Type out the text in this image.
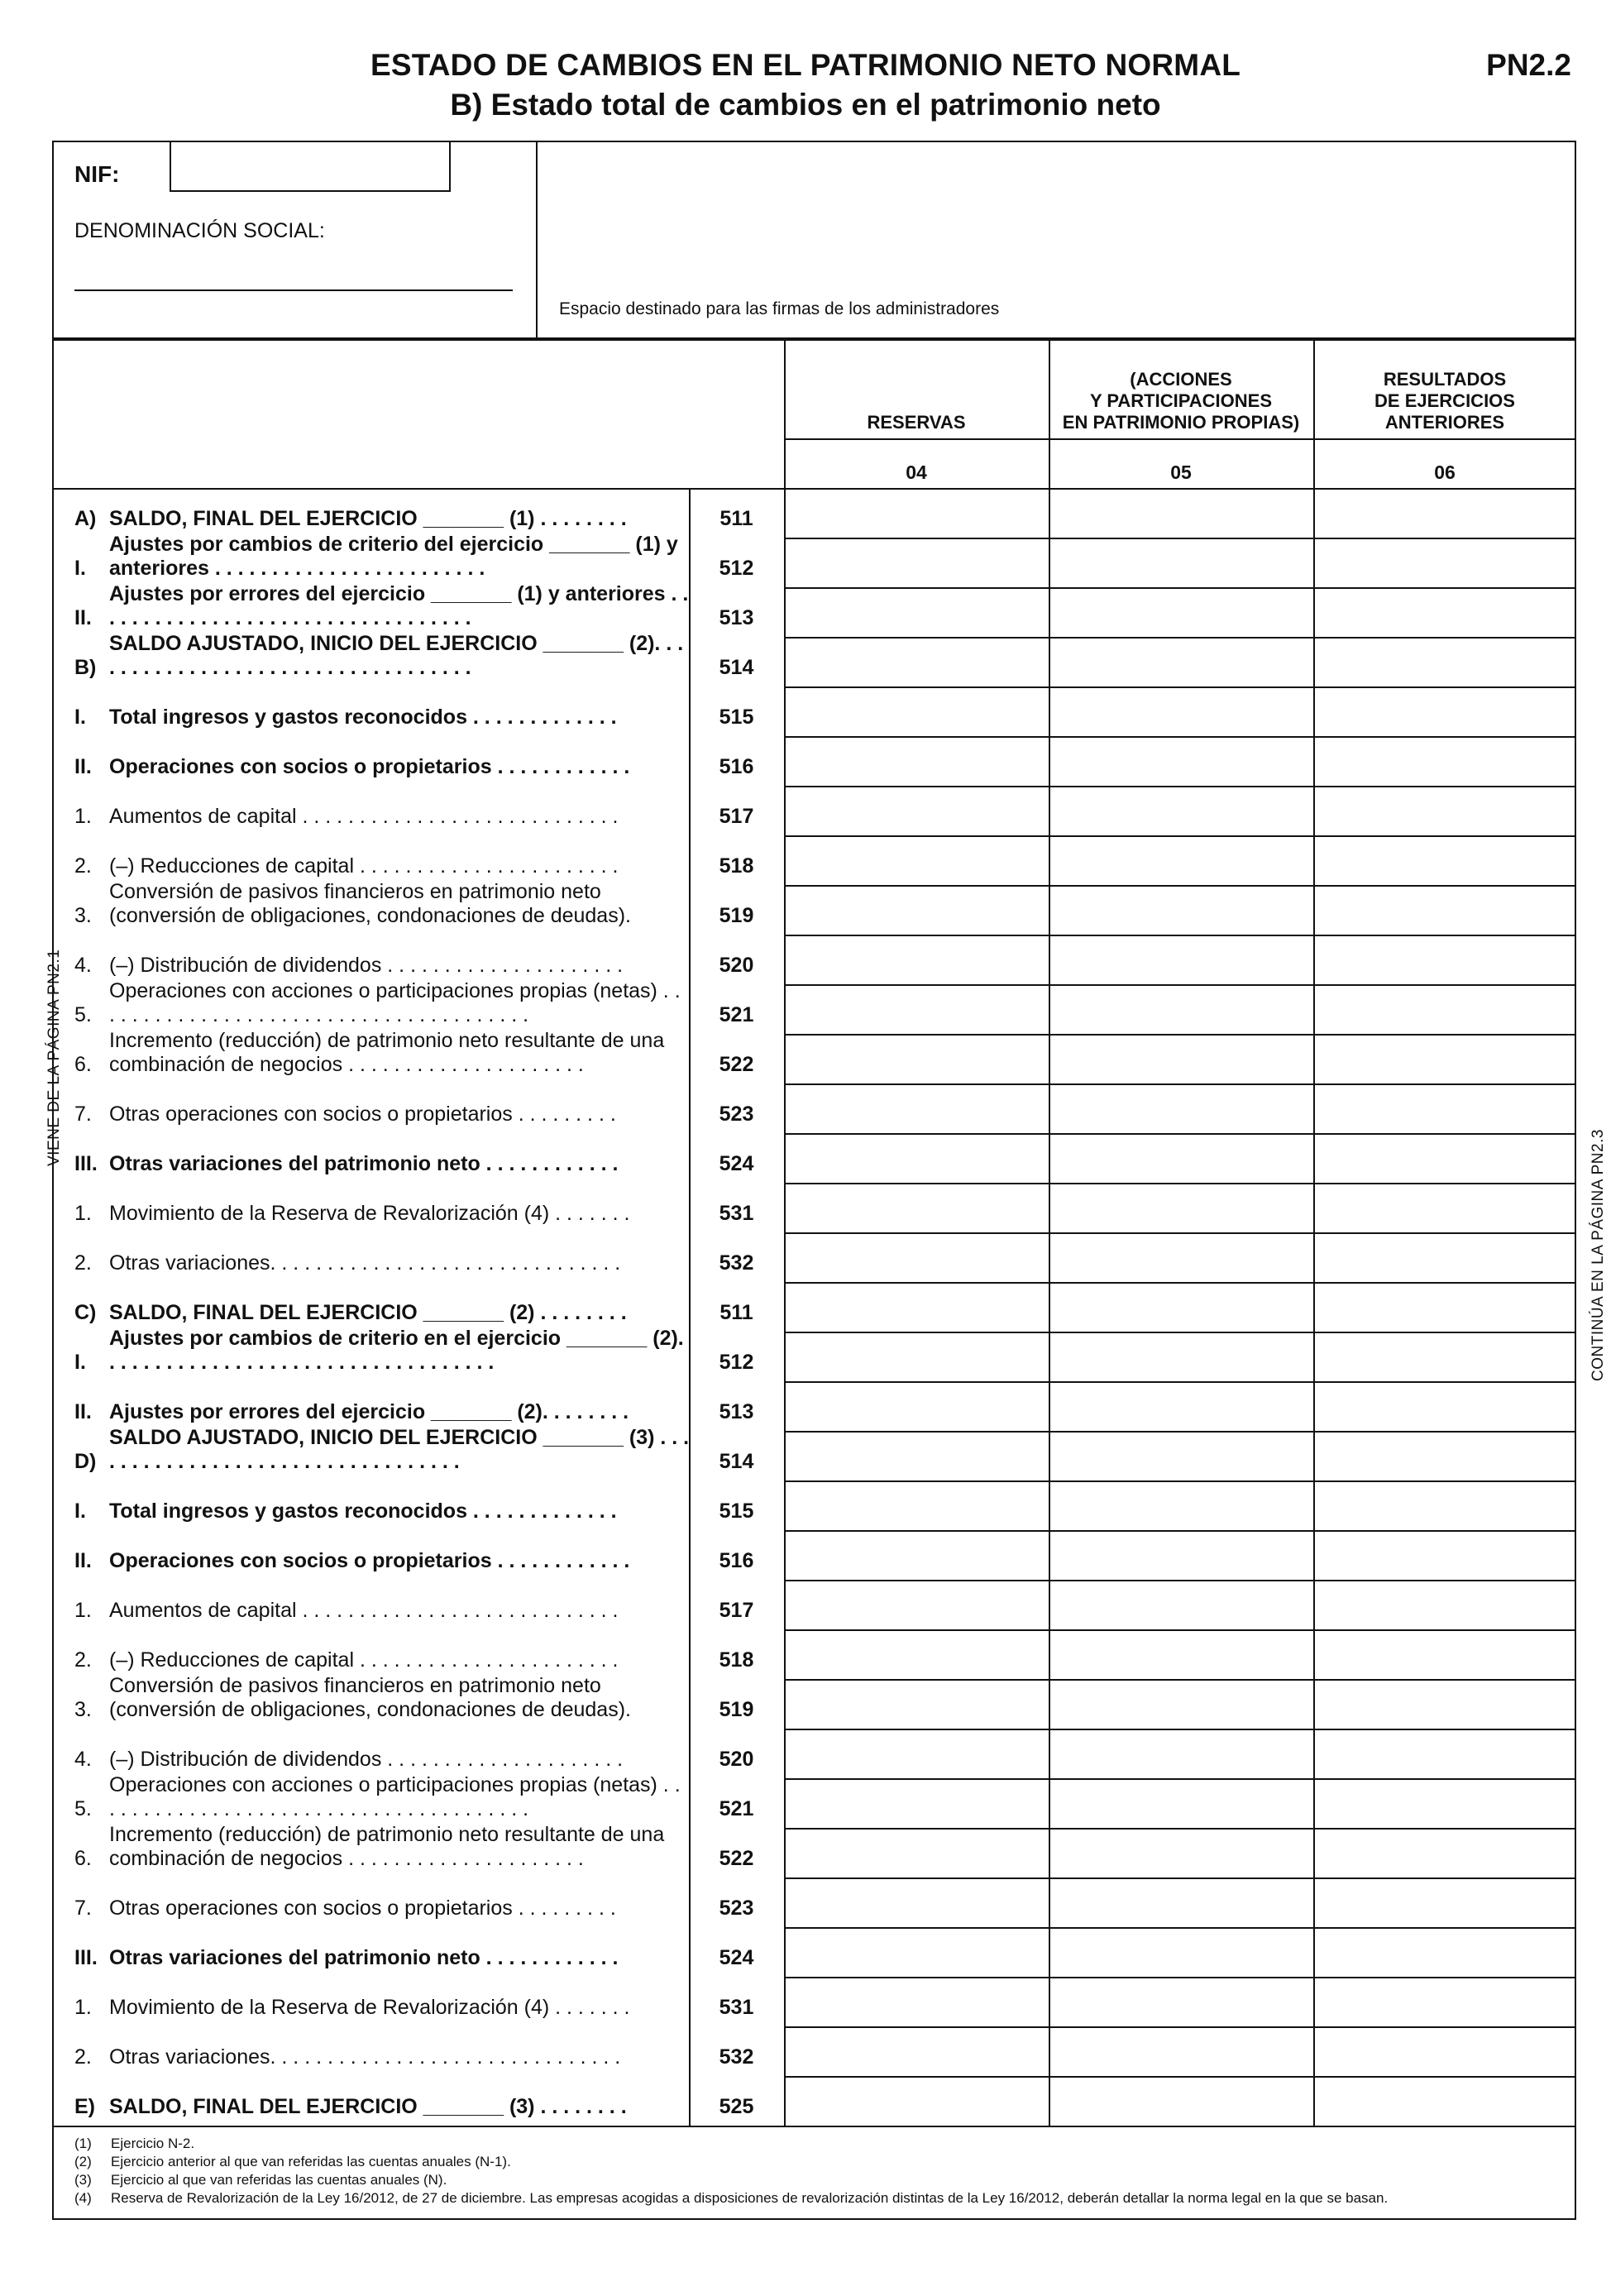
ESTADO DE CAMBIOS EN EL PATRIMONIO NETO NORMAL
B) Estado total de cambios en el patrimonio neto
PN2.2
NIF:
DENOMINACIÓN SOCIAL:
Espacio destinado para las firmas de los administradores
RESERVAS
(ACCIONES
Y PARTICIPACIONES
EN PATRIMONIO PROPIAS)
RESULTADOS
DE EJERCICIOS
ANTERIORES
04	05	06
A) SALDO, FINAL DEL EJERCICIO _______ (1) . . . . . . . .	511
I.
Ajustes por cambios de criterio del ejercicio _______ (1) y anteriores . . . . . . . . . . . . . . . . . . . . . . . .	512
II.
Ajustes por errores del ejercicio _______ (1) y anteriores . . . . . . . . . . . . . . . . . . . . . . . . . . . . . . . . . .	513
B)
SALDO AJUSTADO, INICIO DEL EJERCICIO _______ (2). . . . . . . . . . . . . . . . . . . . . . . . . . . . . . . . . . .	514
I.	Total ingresos y gastos reconocidos . . . . . . . . . . . . .	515
II. Operaciones con socios o propietarios . . . . . . . . . . . .	516
1. Aumentos de capital . . . . . . . . . . . . . . . . . . . . . . . . . . . .	517
2. (–) Reducciones de capital . . . . . . . . . . . . . . . . . . . . . . .	518
3.
Conversión de pasivos financieros en patrimonio neto (conversión de obligaciones, condonaciones de deudas).	519
4. (–) Distribución de dividendos . . . . . . . . . . . . . . . . . . . . .	520
5.
Operaciones con acciones o participaciones propias (netas) . . . . . . . . . . . . . . . . . . . . . . . . . . . . . . . . . . . . . . .	521
6.
Incremento (reducción) de patrimonio neto resultante de una combinación de negocios . . . . . . . . . . . . . . . . . . . . .	522
7. Otras operaciones con socios o propietarios . . . . . . . . .	523
III. Otras variaciones del patrimonio neto . . . . . . . . . . . .	524
1. Movimiento de la Reserva de Revalorización (4) . . . . . . .	531
2. Otras variaciones. . . . . . . . . . . . . . . . . . . . . . . . . . . . . . .	532
C) SALDO, FINAL DEL EJERCICIO _______ (2) . . . . . . . .	511
I.
Ajustes por cambios de criterio en el ejercicio _______ (2). . . . . . . . . . . . . . . . . . . . . . . . . . . . . . . . . . .	512
II. Ajustes por errores del ejercicio _______ (2). . . . . . . .	513
D)
SALDO AJUSTADO, INICIO DEL EJERCICIO _______ (3) . . . . . . . . . . . . . . . . . . . . . . . . . . . . . . . . . .	514
I.	Total ingresos y gastos reconocidos . . . . . . . . . . . . .	515
II. Operaciones con socios o propietarios . . . . . . . . . . . .	516
1. Aumentos de capital . . . . . . . . . . . . . . . . . . . . . . . . . . . .	517
2. (–) Reducciones de capital . . . . . . . . . . . . . . . . . . . . . . .	518
3.
Conversión de pasivos financieros en patrimonio neto (conversión de obligaciones, condonaciones de deudas).	519
4. (–) Distribución de dividendos . . . . . . . . . . . . . . . . . . . . .	520
5.
Operaciones con acciones o participaciones propias (netas) . . . . . . . . . . . . . . . . . . . . . . . . . . . . . . . . . . . . . . .	521
6.
Incremento (reducción) de patrimonio neto resultante de una combinación de negocios . . . . . . . . . . . . . . . . . . . . .	522
7. Otras operaciones con socios o propietarios . . . . . . . . .	523
III. Otras variaciones del patrimonio neto . . . . . . . . . . . .	524
1. Movimiento de la Reserva de Revalorización (4) . . . . . . .	531
2. Otras variaciones. . . . . . . . . . . . . . . . . . . . . . . . . . . . . . .	532
E) SALDO, FINAL DEL EJERCICIO _______ (3) . . . . . . . .	525
VIENE DE LA PÁGINA PN2.1
CONTINÚA EN LA PÁGINA PN2.3
(1) Ejercicio N-2.
(2) Ejercicio anterior al que van referidas las cuentas anuales (N-1).
(3) Ejercicio al que van referidas las cuentas anuales (N).
(4) Reserva de Revalorización de la Ley 16/2012, de 27 de diciembre. Las empresas acogidas a disposiciones de revalorización distintas de la Ley 16/2012, deberán detallar la norma legal en la que se basan.
